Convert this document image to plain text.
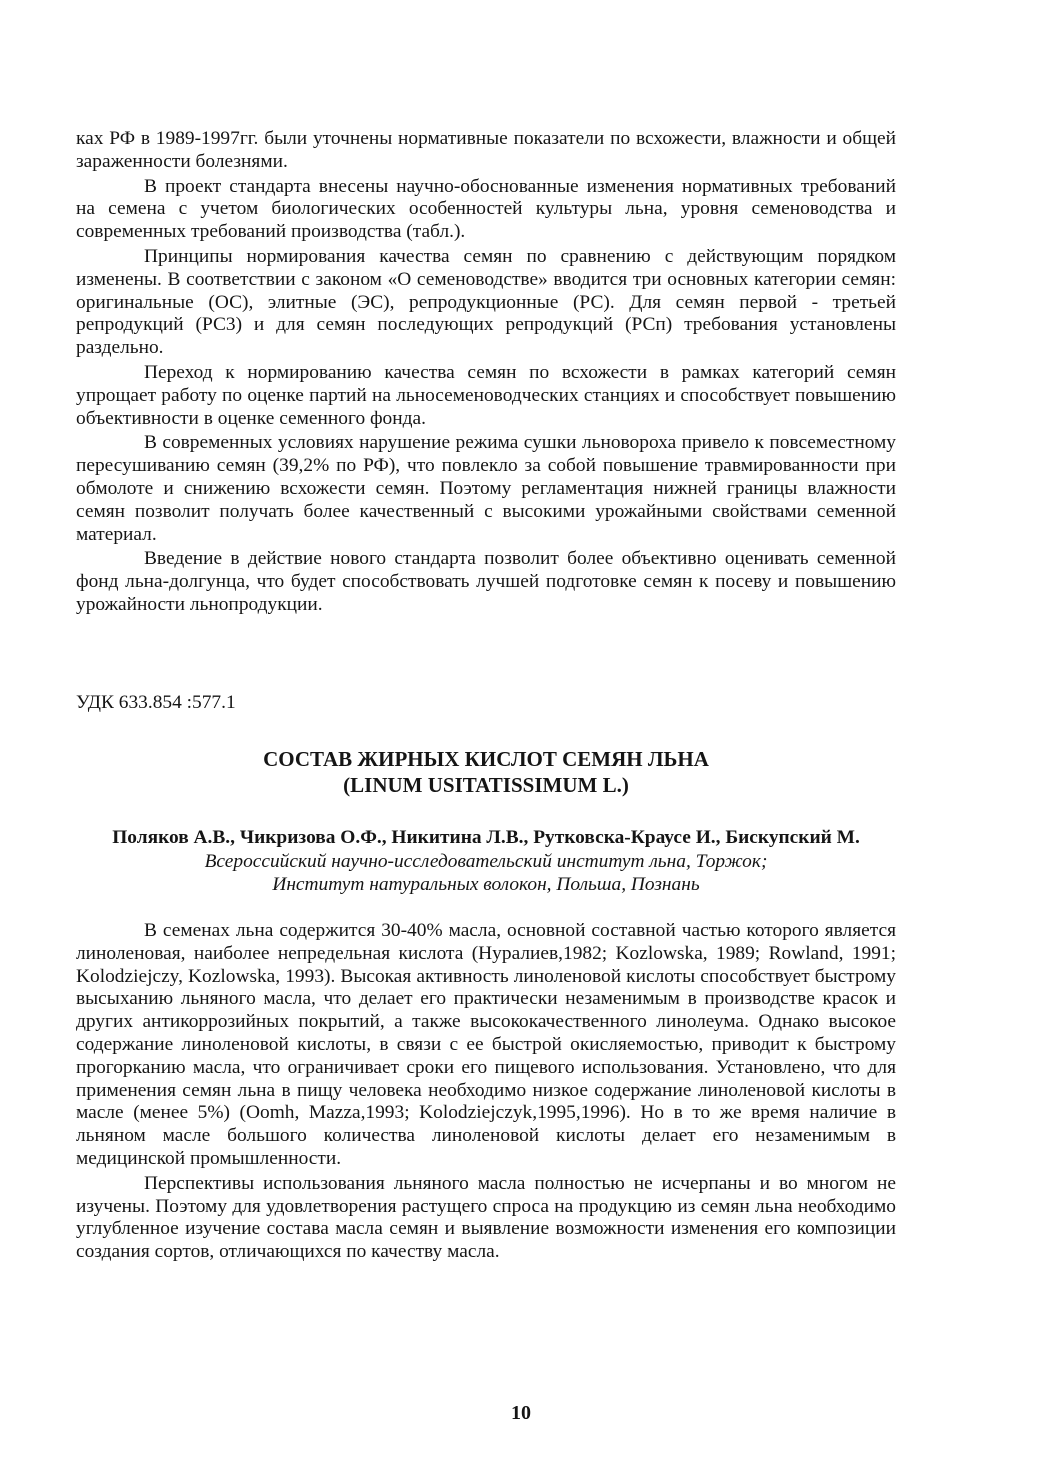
ках РФ в 1989-1997гг. были уточнены нормативные показатели по всхожести, влажности и общей зараженности болезнями.

В проект стандарта внесены научно-обоснованные изменения нормативных требований на семена с учетом биологических особенностей культуры льна, уровня семеноводства и современных требований производства (табл.).

Принципы нормирования качества семян по сравнению с действующим порядком изменены. В соответствии с законом «О семеноводстве» вводится три основных категории семян: оригинальные (ОС), элитные (ЭС), репродукционные (РС). Для семян первой - третьей репродукций (РС3) и для семян последующих репродукций (РСп) требования установлены раздельно.

Переход к нормированию качества семян по всхожести в рамках категорий семян упрощает работу по оценке партий на льносеменоводческих станциях и способствует повышению объективности в оценке семенного фонда.

В современных условиях нарушение режима сушки льновороха привело к повсеместному пересушиванию семян (39,2% по РФ), что повлекло за собой повышение травмированности при обмолоте и снижению всхожести семян. Поэтому регламентация нижней границы влажности семян позволит получать более качественный с высокими урожайными свойствами семенной материал.

Введение в действие нового стандарта позволит более объективно оценивать семенной фонд льна-долгунца, что будет способствовать лучшей подготовке семян к посеву и повышению урожайности льнопродукции.

УДК 633.854 :577.1
СОСТАВ ЖИРНЫХ КИСЛОТ СЕМЯН ЛЬНА
(LINUM USITATISSIMUM L.)
Поляков А.В., Чикризова О.Ф., Никитина Л.В., Рутковска-Краусе И., Бискупский М.
Всероссийский научно-исследовательский институт льна, Торжок;
Институт натуральных волокон, Польша, Познань

В семенах льна содержится 30-40% масла, основной составной частью которого является линоленовая, наиболее непредельная кислота (Нуралиев,1982; Kozlowska, 1989; Rowland, 1991; Kolodziejczy, Kozlowska, 1993). Высокая активность линоленовой кислоты способствует быстрому высыханию льняного масла, что делает его практически незаменимым в производстве красок и других антикоррозийных покрытий, а также высококачественного линолеума. Однако высокое содержание линоленовой кислоты, в связи с ее быстрой окисляемостью, приводит к быстрому прогорканию масла, что ограничивает сроки его пищевого использования. Установлено, что для применения семян льна в пищу человека необходимо низкое содержание линоленовой кислоты в масле (менее 5%) (Oomh, Mazza,1993; Kolodziejczyk,1995,1996). Но в то же время наличие в льняном масле большого количества линоленовой кислоты делает его незаменимым в медицинской промышленности.

Перспективы использования льняного масла полностью не исчерпаны и во многом не изучены. Поэтому для удовлетворения растущего спроса на продукцию из семян льна необходимо углубленное изучение состава масла семян и выявление возможности изменения его композиции создания сортов, отличающихся по качеству масла.

10
